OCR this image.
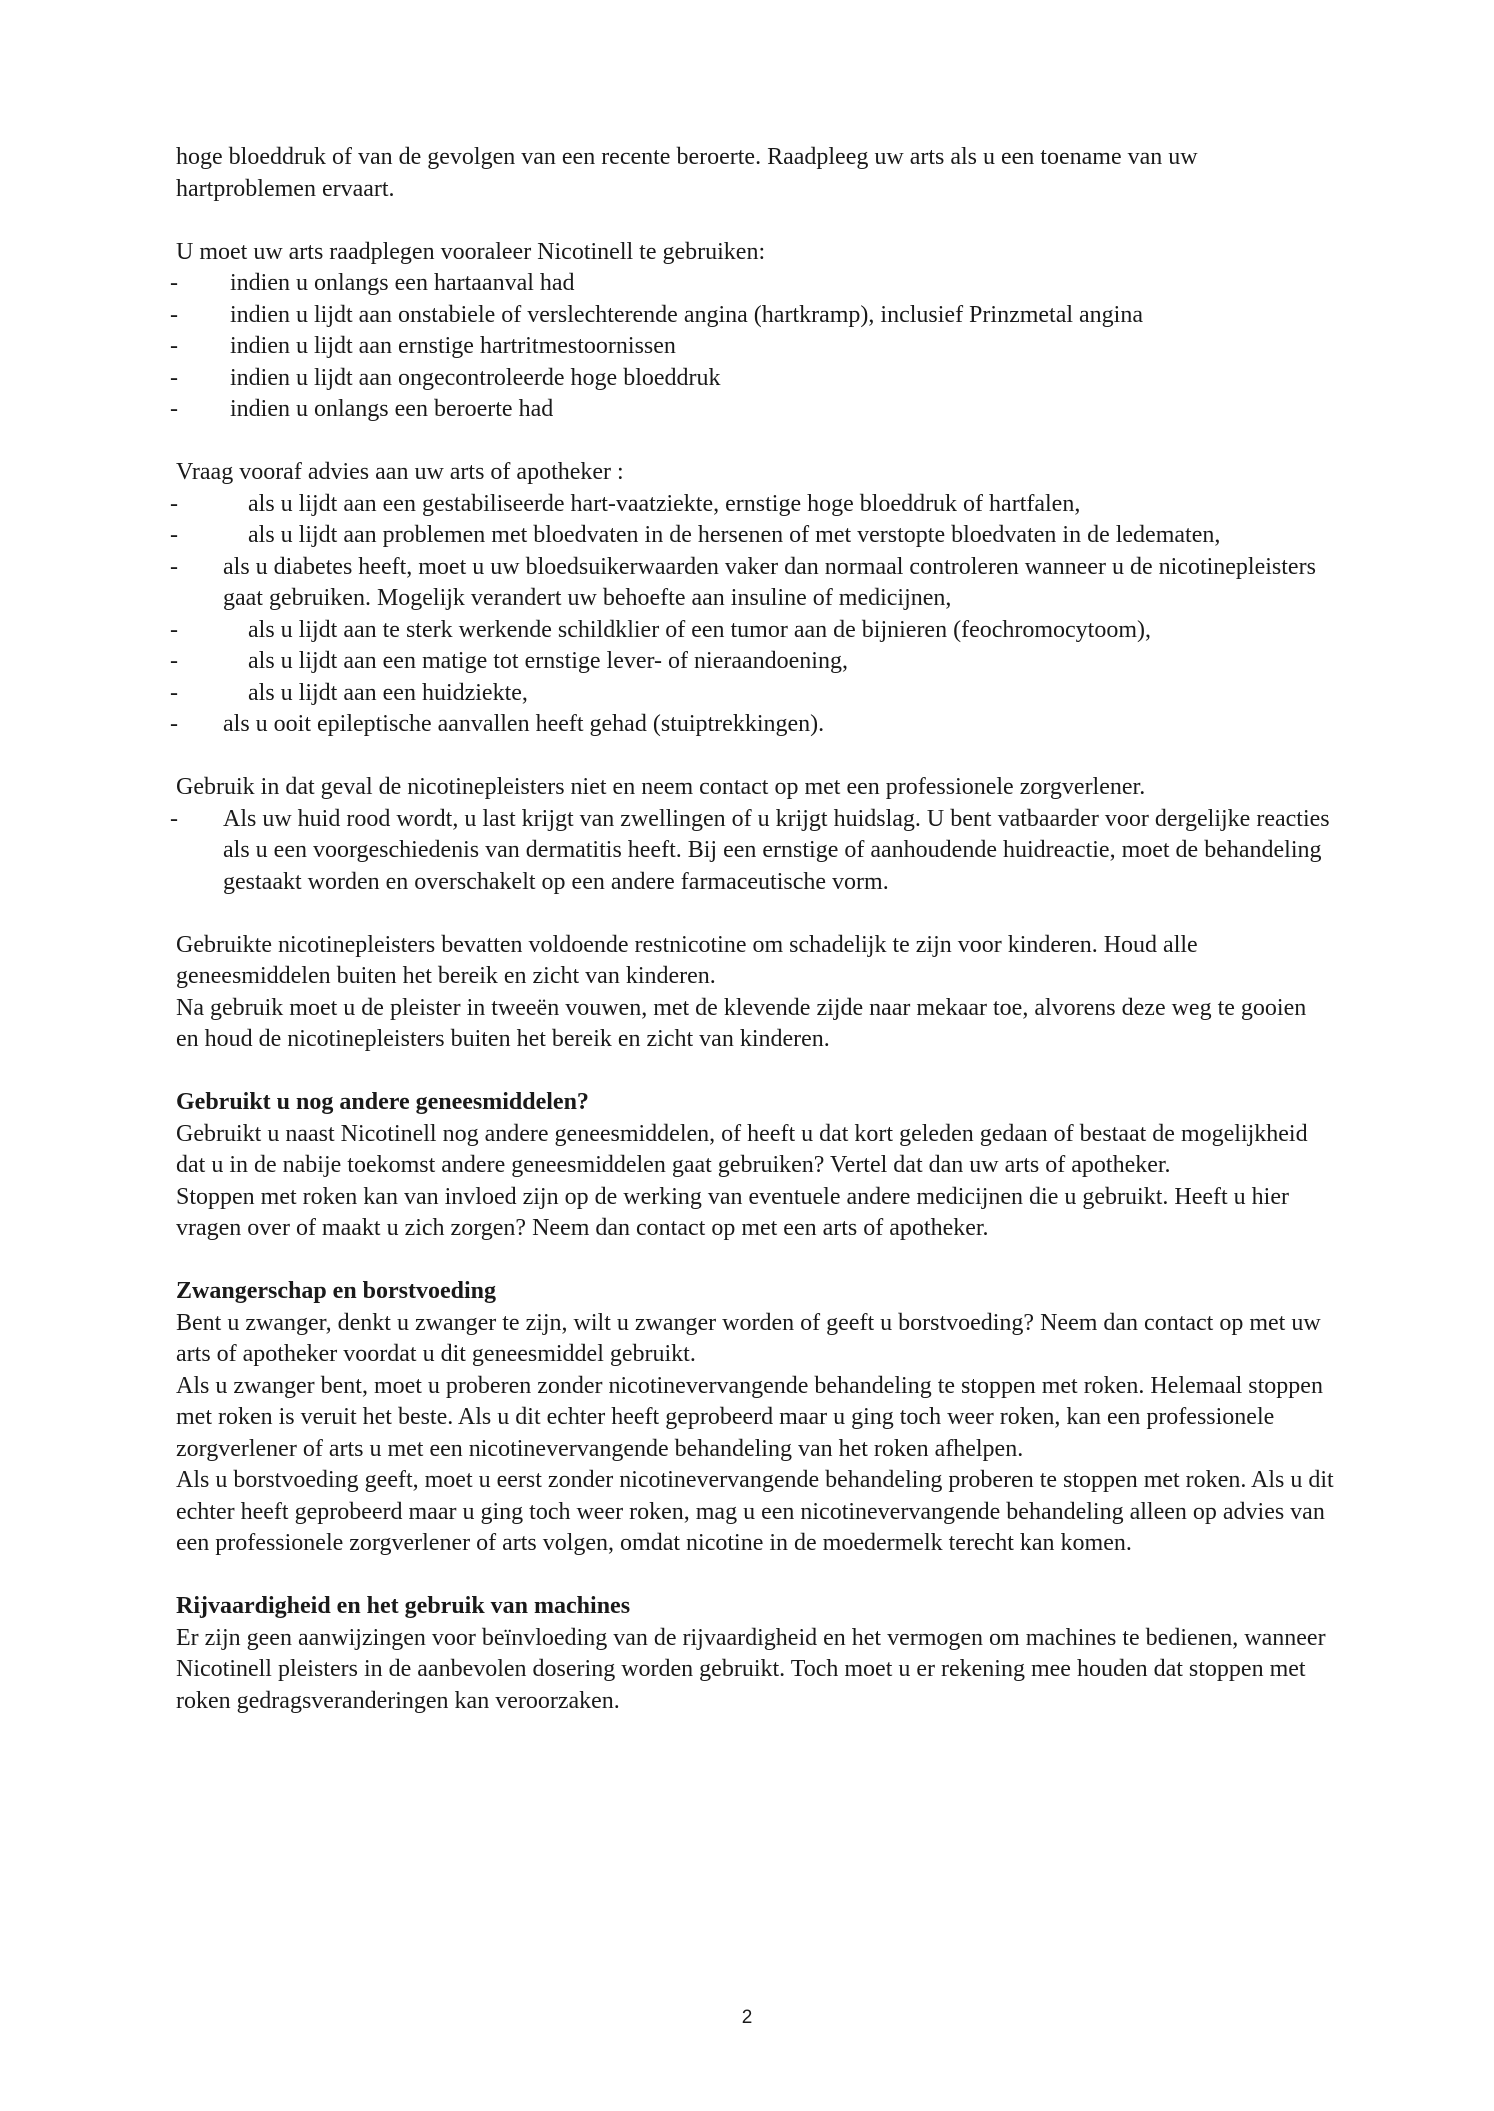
hoge bloeddruk of van de gevolgen van een recente beroerte. Raadpleeg uw arts als u een toename van uw hartproblemen ervaart.

U moet uw arts raadplegen vooraleer Nicotinell te gebruiken:

- indien u onlangs een hartaanval had
- indien u lijdt aan onstabiele of verslechterende angina (hartkramp), inclusief Prinzmetal angina
- indien u lijdt aan ernstige hartritmestoornissen
- indien u lijdt aan ongecontroleerde hoge bloeddruk
- indien u onlangs een beroerte had

Vraag vooraf advies aan uw arts of apotheker :

-	als u lijdt aan een gestabiliseerde hart-vaatziekte, ernstige hoge bloeddruk of hartfalen,
-	als u lijdt aan problemen met bloedvaten in de hersenen of met verstopte bloedvaten in de ledematen,
- als u diabetes heeft, moet u uw bloedsuikerwaarden vaker dan normaal controleren wanneer u de nicotinepleisters gaat gebruiken. Mogelijk verandert uw behoefte aan insuline of medicijnen,
-	als u lijdt aan te sterk werkende schildklier of een tumor aan de bijnieren (feochromocytoom),
-	als u lijdt aan een matige tot ernstige lever- of nieraandoening,
-	als u lijdt aan een huidziekte,
- als u ooit epileptische aanvallen heeft gehad (stuiptrekkingen).

Gebruik in dat geval de nicotinepleisters niet en neem contact op met een professionele zorgverlener.

- Als uw huid rood wordt, u last krijgt van zwellingen of u krijgt huidslag. U bent vatbaarder voor dergelijke reacties als u een voorgeschiedenis van dermatitis heeft. Bij een ernstige of aanhoudende huidreactie, moet de behandeling gestaakt worden en overschakelt op een andere farmaceutische vorm.

Gebruikte nicotinepleisters bevatten voldoende restnicotine om schadelijk te zijn voor kinderen. Houd alle geneesmiddelen buiten het bereik en zicht van kinderen.

Na gebruik moet u de pleister in tweeën vouwen, met de klevende zijde naar mekaar toe, alvorens deze weg te gooien en houd de nicotinepleisters buiten het bereik en zicht van kinderen.

Gebruikt u nog andere geneesmiddelen?

Gebruikt u naast Nicotinell nog andere geneesmiddelen, of heeft u dat kort geleden gedaan of bestaat de mogelijkheid dat u in de nabije toekomst andere geneesmiddelen gaat gebruiken? Vertel dat dan uw arts of apotheker.

Stoppen met roken kan van invloed zijn op de werking van eventuele andere medicijnen die u gebruikt. Heeft u hier vragen over of maakt u zich zorgen? Neem dan contact op met een arts of apotheker.

Zwangerschap en borstvoeding

Bent u zwanger, denkt u zwanger te zijn, wilt u zwanger worden of geeft u borstvoeding? Neem dan contact op met uw arts of apotheker voordat u dit geneesmiddel gebruikt.

Als u zwanger bent, moet u proberen zonder nicotinevervangende behandeling te stoppen met roken. Helemaal stoppen met roken is veruit het beste. Als u dit echter heeft geprobeerd maar u ging toch weer roken, kan een professionele zorgverlener of arts u met een nicotinevervangende behandeling van het roken afhelpen.

Als u borstvoeding geeft, moet u eerst zonder nicotinevervangende behandeling proberen te stoppen met roken. Als u dit echter heeft geprobeerd maar u ging toch weer roken, mag u een nicotinevervangende behandeling alleen op advies van een professionele zorgverlener of arts volgen, omdat nicotine in de moedermelk terecht kan komen.

Rijvaardigheid en het gebruik van machines

Er zijn geen aanwijzingen voor beïnvloeding van de rijvaardigheid en het vermogen om machines te bedienen, wanneer Nicotinell pleisters in de aanbevolen dosering worden gebruikt. Toch moet u er rekening mee houden dat stoppen met roken gedragsveranderingen kan veroorzaken.

2
